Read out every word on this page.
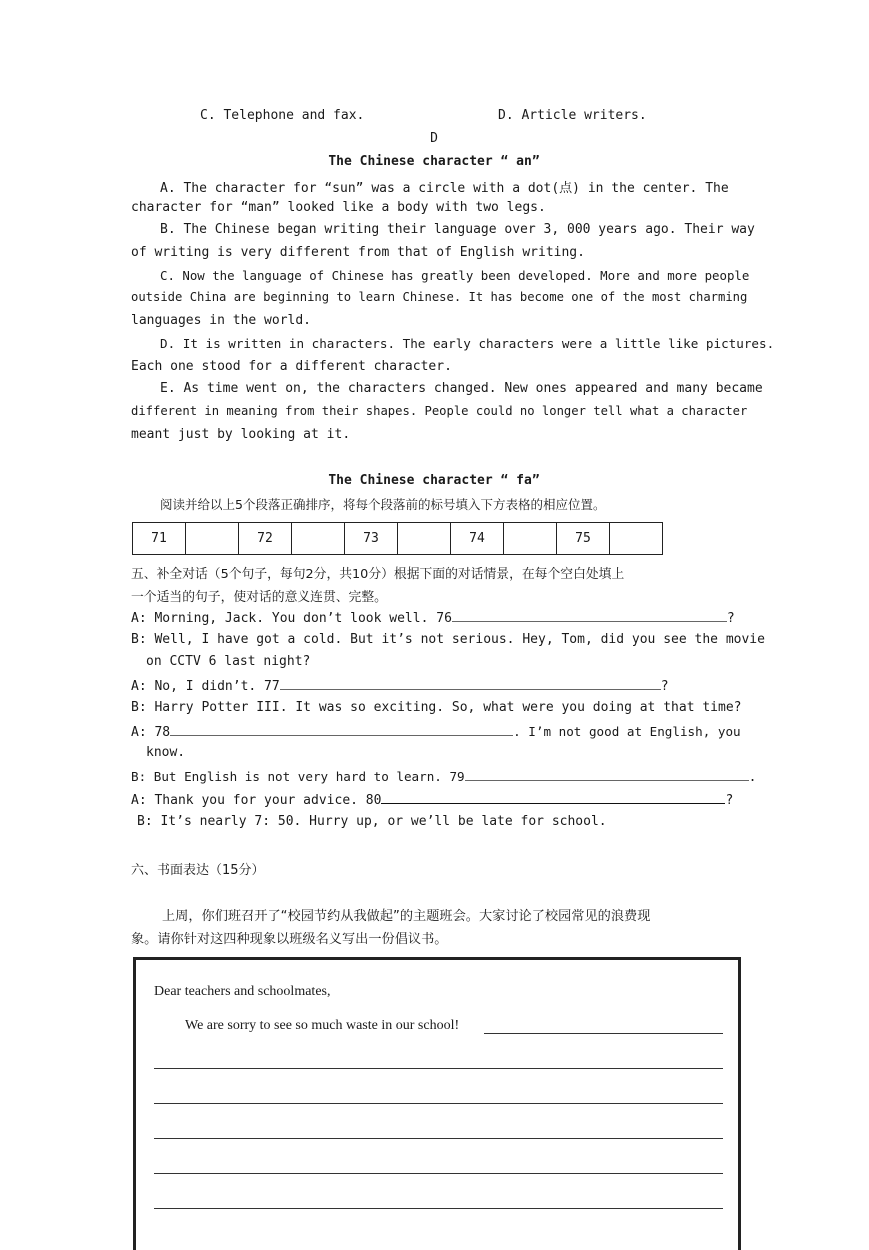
C. Telephone and fax.	D. Article writers.
D
The Chinese character “ an”
A. The character for “sun” was a circle with a dot(点) in the center. The
character for “man” looked like a body with two legs.
B. The Chinese began writing their language over 3, 000 years ago. Their way
of writing is very different from that of English writing.
C. Now the language of Chinese has greatly been developed. More and more people
outside China are beginning to learn Chinese. It has become one of the most charming
languages in the world.
D. It is written in characters. The early characters were a little like pictures.
Each one stood for a different character.
E. As time went on, the characters changed. New ones appeared and many became
different in meaning from their shapes. People could no longer tell what a character
meant just by looking at it.
The Chinese character “ fa”
阅读并给以上5个段落正确排序，将每个段落前的标号填入下方表格的相应位置。
71		72		73		74		75	
五、补全对话（5个句子，每句2分，共10分）根据下面的对话情景，在每个空白处填上
一个适当的句子，使对话的意义连贯、完整。
A: Morning, Jack. You don’t look well. 76	?
B: Well, I have got a cold. But it’s not serious. Hey, Tom, did you see the movie
on CCTV 6 last night?
A: No, I didn’t. 77	?
B: Harry Potter III. It was so exciting. So, what were you doing at that time?
A: 78	. I’m not good at English, you
know.
B: But English is not very hard to learn. 79	.
A: Thank you for your advice. 80	?
B: It’s nearly 7: 50. Hurry up, or we’ll be late for school.
六、书面表达（15分）
上周，你们班召开了“校园节约从我做起”的主题班会。大家讨论了校园常见的浪费现
象。请你针对这四种现象以班级名义写出一份倡议书。
Dear teachers and schoolmates,
We are sorry to see so much waste in our school!
